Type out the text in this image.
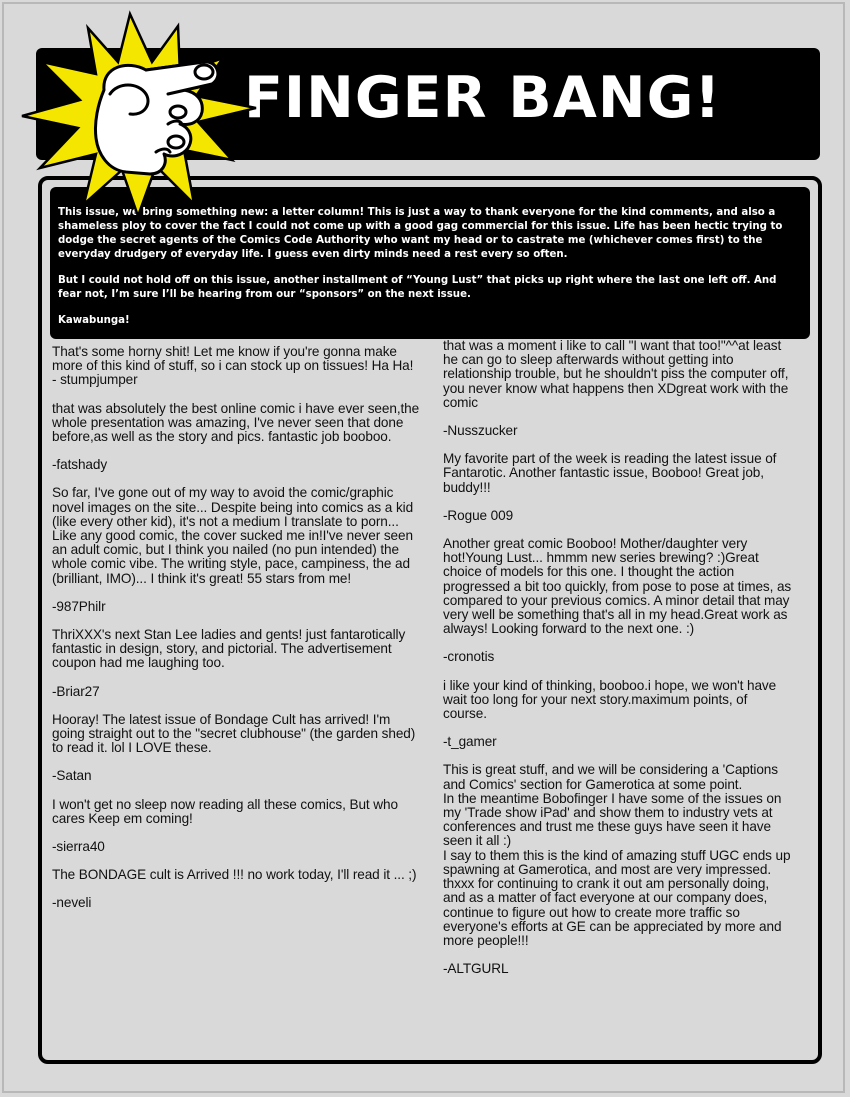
FINGER BANG!

This issue, we bring something new: a letter column! This is just a way to thank everyone for the kind comments, and also a shameless ploy to cover the fact I could not come up with a good gag commercial for this issue. Life has been hectic trying to dodge the secret agents of the Comics Code Authority who want my head or to castrate me (whichever comes first) to the everyday drudgery of everyday life. I guess even dirty minds need a rest every so often.

But I could not hold off on this issue, another installment of “Young Lust” that picks up right where the last one left off. And fear not, I’m sure I’ll be hearing from our “sponsors” on the next issue.

Kawabunga!

That's some horny shit! Let me know if you're gonna make more of this kind of stuff, so i can stock up on tissues! Ha Ha!
- stumpjumper

that was absolutely the best online comic i have ever seen,the whole presentation was amazing, I've never seen that done before,as well as the story and pics. fantastic job booboo.

-fatshady

So far, I've gone out of my way to avoid the comic/graphic novel images on the site... Despite being into comics as a kid (like every other kid), it's not a medium I translate to porn... Like any good comic, the cover sucked me in!I've never seen an adult comic, but I think you nailed (no pun intended) the whole comic vibe. The writing style, pace, campiness, the ad (brilliant, IMO)... I think it's great! 55 stars from me!

-987Philr

ThriXXX's next Stan Lee ladies and gents! just fantarotically fantastic in design, story, and pictorial. The advertisement coupon had me laughing too.

-Briar27

Hooray! The latest issue of Bondage Cult has arrived! I'm going straight out to the "secret clubhouse" (the garden shed) to read it. lol I LOVE these.

-Satan

I won't get no sleep now reading all these comics, But who cares Keep em coming!

-sierra40

The BONDAGE cult is Arrived !!! no work today, I'll read it ... ;)

-neveli

that was a moment i like to call "I want that too!"^^at least he can go to sleep afterwards without getting into relationship trouble, but he shouldn't piss the computer off, you never know what happens then XDgreat work with the comic

-Nusszucker

My favorite part of the week is reading the latest issue of Fantarotic. Another fantastic issue, Booboo! Great job, buddy!!!

-Rogue 009

Another great comic Booboo! Mother/daughter very hot!Young Lust... hmmm new series brewing? :)Great choice of models for this one. I thought the action progressed a bit too quickly, from pose to pose at times, as compared to your previous comics. A minor detail that may very well be something that's all in my head.Great work as always! Looking forward to the next one. :)

-cronotis

i like your kind of thinking, booboo.i hope, we won't have wait too long for your next story.maximum points, of course.

-t_gamer

This is great stuff, and we will be considering a 'Captions and Comics' section for Gamerotica at some point.
In the meantime Bobofinger I have some of the issues on my 'Trade show iPad' and show them to industry vets at conferences and trust me these guys have seen it have seen it all :)
I say to them this is the kind of amazing stuff UGC ends up spawning at Gamerotica, and most are very impressed.
thxxx for continuing to crank it out am personally doing, and as a matter of fact everyone at our company does, continue to figure out how to create more traffic so everyone's efforts at GE can be appreciated by more and more people!!!

-ALTGURL
